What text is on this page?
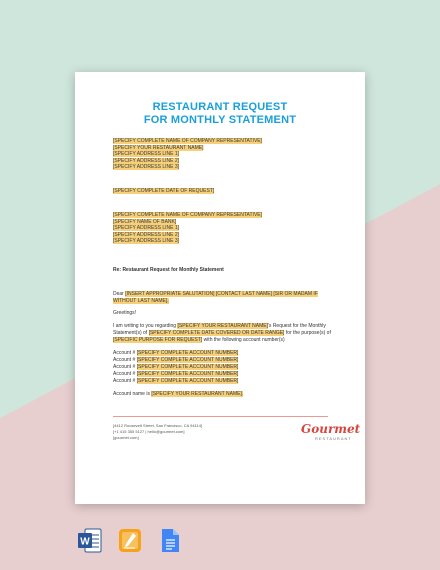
RESTAURANT REQUEST
FOR MONTHLY STATEMENT
[SPECIFY COMPLETE NAME OF COMPANY REPRESENTATIVE]
[SPECIFY YOUR RESTAURANT NAME]
[SPECIFY ADDRESS LINE 1]
[SPECIFY ADDRESS LINE 2]
[SPECIFY ADDRESS LINE 3]
[SPECIFY COMPLETE DATE OF REQUEST]
[SPECIFY COMPLETE NAME OF COMPANY REPRESENTATIVE]
[SPECIFY NAME OF BANK]
[SPECIFY ADDRESS LINE 1]
[SPECIFY ADDRESS LINE 2]
[SPECIFY ADDRESS LINE 3]
Re: Restaurant Request for Monthly Statement
Dear [INSERT APPROPRIATE SALUTATION] [CONTACT LAST NAME] [SIR OR MADAM IF WITHOUT LAST NAME],
Greetings!
I am writing to you regarding [SPECIFY YOUR RESTAURANT NAME]'s Request for the Monthly Statement(s) of [SPECIFY COMPLETE DATE COVERED OR DATE RANGE] for the purpose(s) of [SPECIFIC PURPOSE FOR REQUEST] with the following account number(s)
Account # [SPECIFY COMPLETE ACCOUNT NUMBER]
Account # [SPECIFY COMPLETE ACCOUNT NUMBER]
Account # [SPECIFY COMPLETE ACCOUNT NUMBER]
Account # [SPECIFY COMPLETE ACCOUNT NUMBER]
Account # [SPECIFY COMPLETE ACCOUNT NUMBER]
Account name is [SPECIFY YOUR RESTAURANT NAME].
[4412 Roosevelt Street, San Francisco, CA 94114]
[+1 415 355 5127 | hello@gourmet.com]
[gourmet.com]
Gourmet
RESTAURANT
W
